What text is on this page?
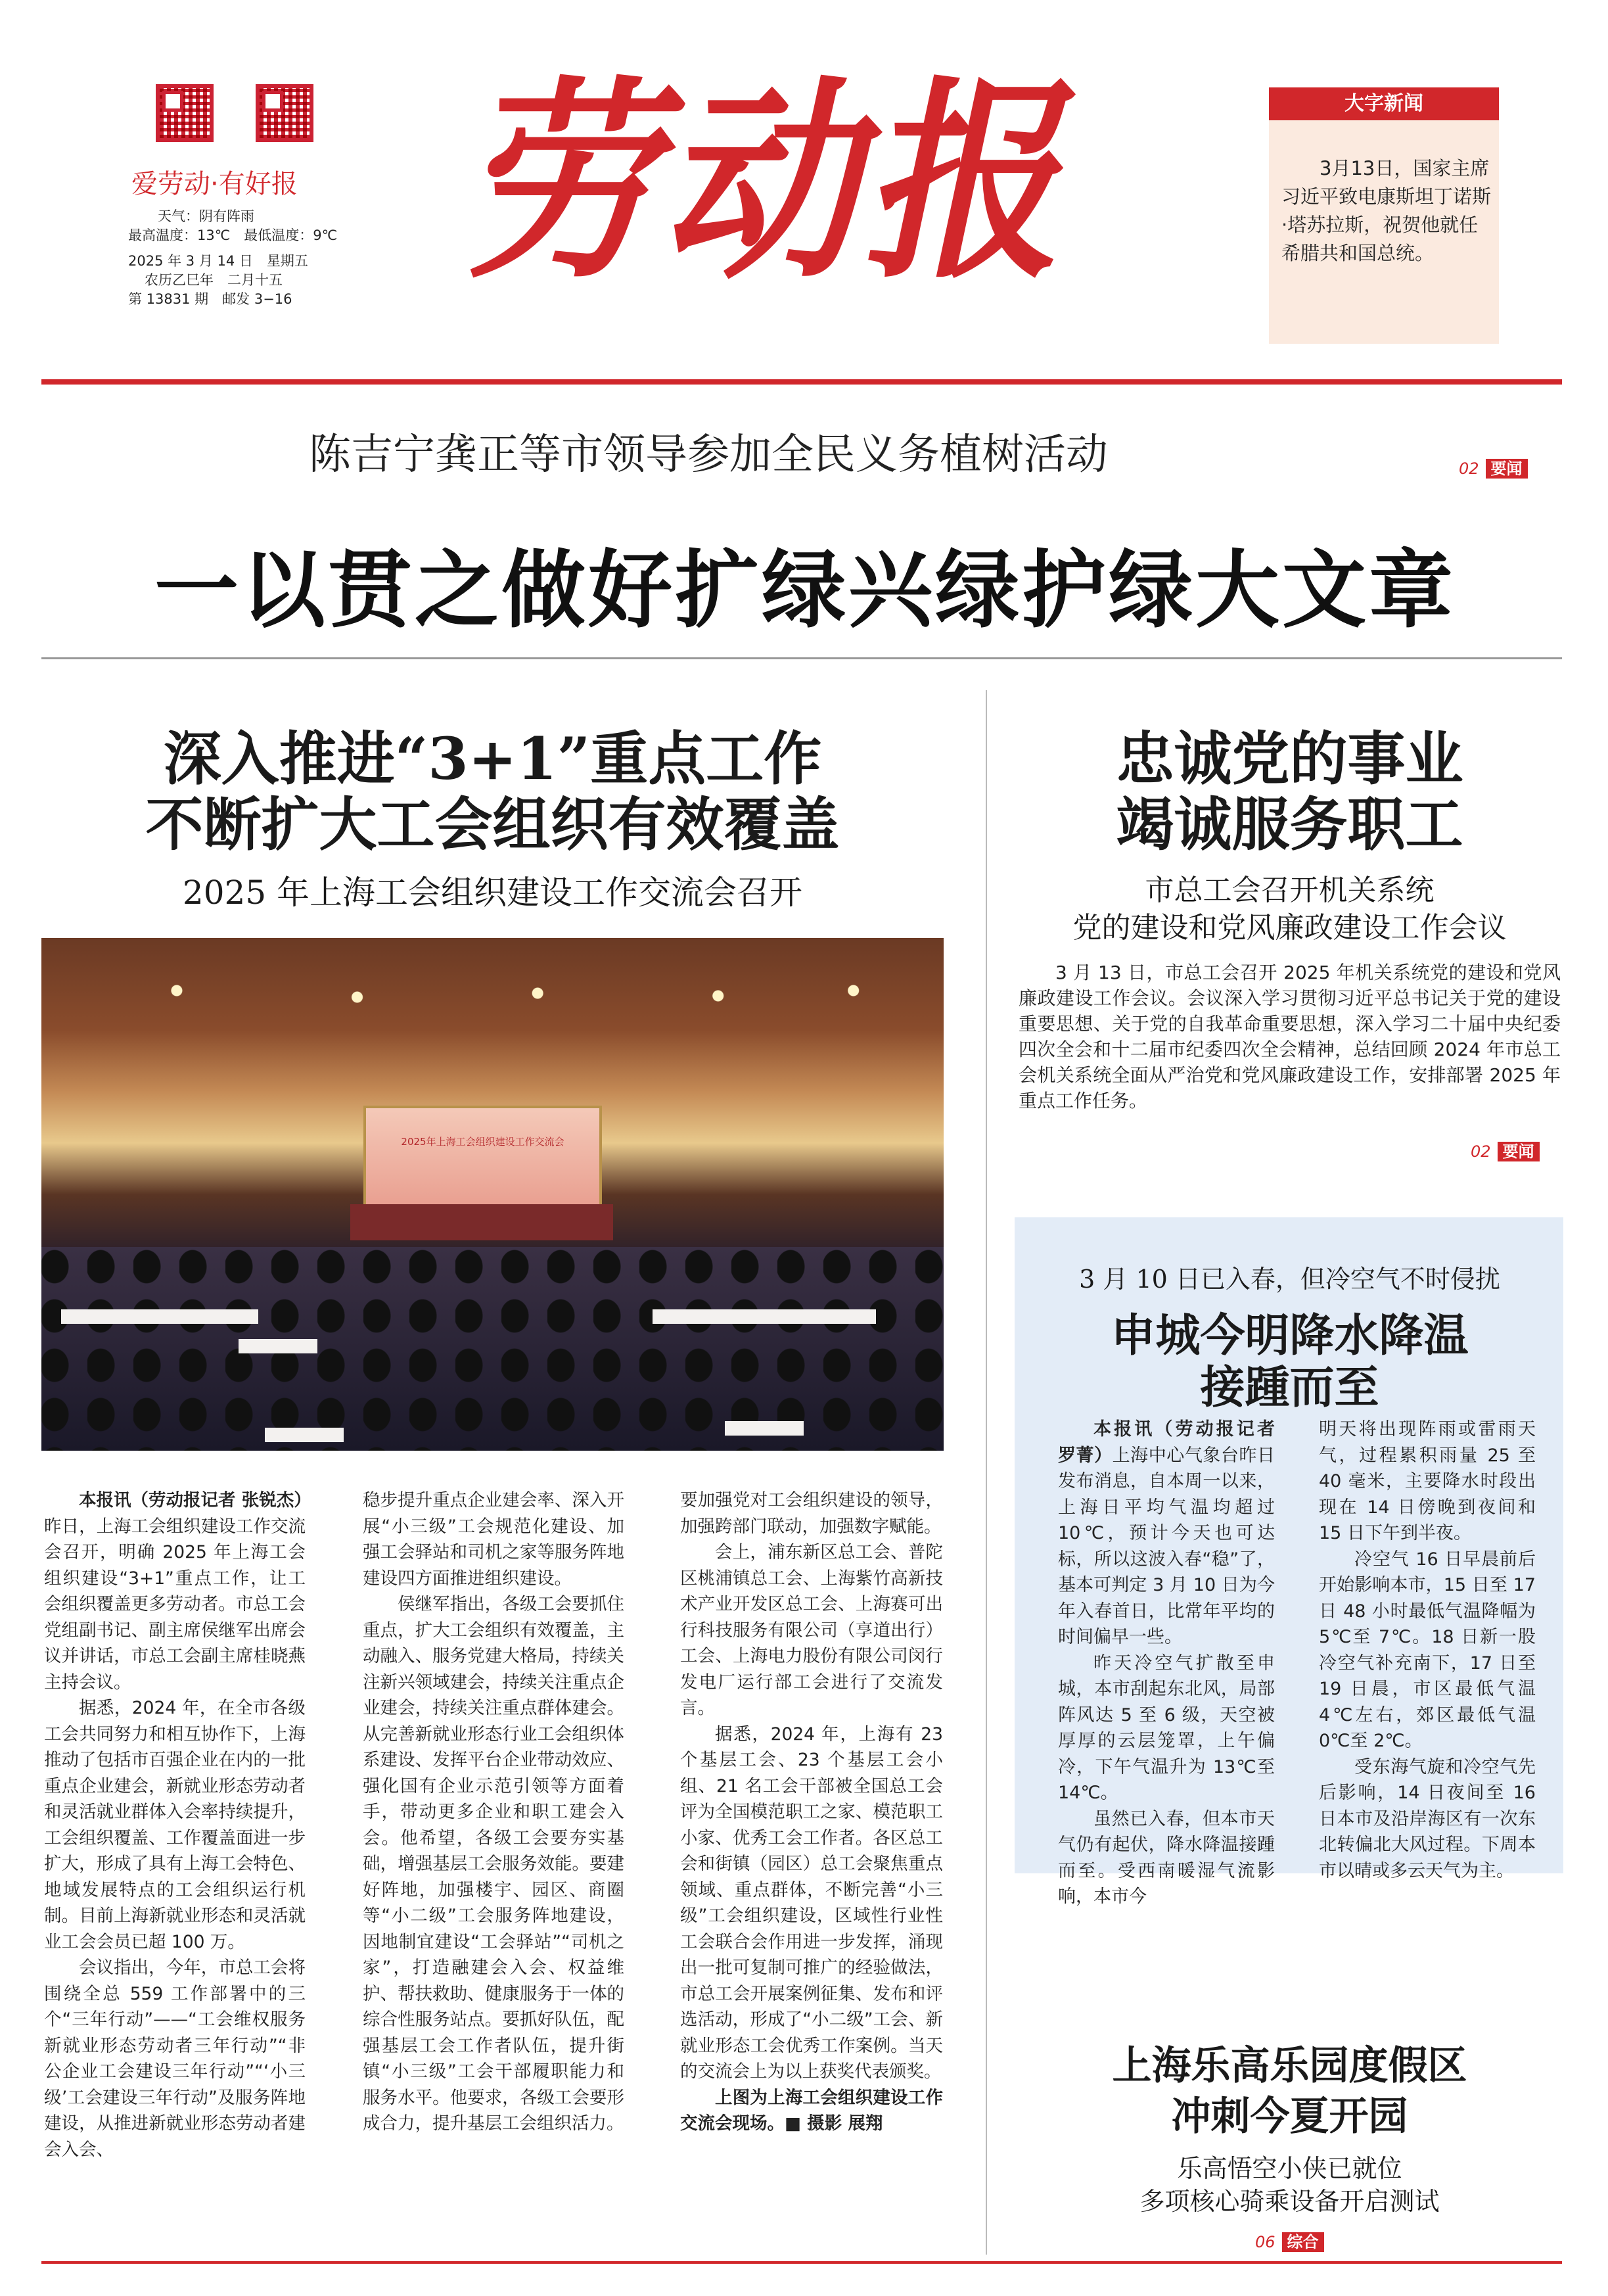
爱劳动·有好报
天气：阴有阵雨
最高温度：13℃　最低温度：9℃
2025 年 3 月 14 日　星期五
农历乙巳年　二月十五
第 13831 期　邮发 3−16 劳动报	大字新闻
3月13日，国家主席习近平致电康斯坦丁诺斯·塔苏拉斯，祝贺他就任希腊共和国总统。
陈吉宁龚正等市领导参加全民义务植树活动	02 要闻
一以贯之做好扩绿兴绿护绿大文章
深入推进“3+1”重点工作
不断扩大工会组织有效覆盖
2025 年上海工会组织建设工作交流会召开
2025年上海工会组织建设工作交流会

本报讯（劳动报记者 张锐杰）昨日，上海工会组织建设工作交流会召开，明确 2025 年上海工会组织建设“3+1”重点工作，让工会组织覆盖更多劳动者。市总工会党组副书记、副主席侯继军出席会议并讲话，市总工会副主席桂晓燕主持会议。

据悉，2024 年，在全市各级工会共同努力和相互协作下，上海推动了包括市百强企业在内的一批重点企业建会，新就业形态劳动者和灵活就业群体入会率持续提升，工会组织覆盖、工作覆盖面进一步扩大，形成了具有上海工会特色、地域发展特点的工会组织运行机制。目前上海新就业形态和灵活就业工会会员已超 100 万。

会议指出，今年，市总工会将围绕全总 559 工作部署中的三个“三年行动”——“工会维权服务新就业形态劳动者三年行动”“非公企业工会建设三年行动”“‘小三级’工会建设三年行动”及服务阵地建设，从推进新就业形态劳动者建会入会、

稳步提升重点企业建会率、深入开展“小三级”工会规范化建设、加强工会驿站和司机之家等服务阵地建设四方面推进组织建设。

侯继军指出，各级工会要抓住重点，扩大工会组织有效覆盖，主动融入、服务党建大格局，持续关注新兴领域建会，持续关注重点企业建会，持续关注重点群体建会。从完善新就业形态行业工会组织体系建设、发挥平台企业带动效应、强化国有企业示范引领等方面着手，带动更多企业和职工建会入会。他希望，各级工会要夯实基础，增强基层工会服务效能。要建好阵地，加强楼宇、园区、商圈等“小二级”工会服务阵地建设，因地制宜建设“工会驿站”“司机之家”，打造融建会入会、权益维护、帮扶救助、健康服务于一体的综合性服务站点。要抓好队伍，配强基层工会工作者队伍，提升街镇“小三级”工会干部履职能力和服务水平。他要求，各级工会要形成合力，提升基层工会组织活力。

要加强党对工会组织建设的领导，加强跨部门联动，加强数字赋能。

会上，浦东新区总工会、普陀区桃浦镇总工会、上海紫竹高新技术产业开发区总工会、上海赛可出行科技服务有限公司（享道出行）工会、上海电力股份有限公司闵行发电厂运行部工会进行了交流发言。

据悉，2024 年，上海有 23 个基层工会、23 个基层工会小组、21 名工会干部被全国总工会评为全国模范职工之家、模范职工小家、优秀工会工作者。各区总工会和街镇（园区）总工会聚焦重点领域、重点群体，不断完善“小三级”工会组织建设，区域性行业性工会联合会作用进一步发挥，涌现出一批可复制可推广的经验做法，市总工会开展案例征集、发布和评选活动，形成了“小二级”工会、新就业形态工会优秀工作案例。当天的交流会上为以上获奖代表颁奖。

上图为上海工会组织建设工作交流会现场。■ 摄影 展翔

忠诚党的事业
竭诚服务职工
市总工会召开机关系统
党的建设和党风廉政建设工作会议

3 月 13 日，市总工会召开 2025 年机关系统党的建设和党风廉政建设工作会议。会议深入学习贯彻习近平总书记关于党的建设重要思想、关于党的自我革命重要思想，深入学习二十届中央纪委四次全会和十二届市纪委四次全会精神，总结回顾 2024 年市总工会机关系统全面从严治党和党风廉政建设工作，安排部署 2025 年重点工作任务。

02 要闻
3 月 10 日已入春，但冷空气不时侵扰
申城今明降水降温
接踵而至

本报讯（劳动报记者 罗菁）上海中心气象台昨日发布消息，自本周一以来，上海日平均气温均超过 10℃，预计今天也可达标，所以这波入春“稳”了，基本可判定 3 月 10 日为今年入春首日，比常年平均的时间偏早一些。

昨天冷空气扩散至申城，本市刮起东北风，局部阵风达 5 至 6 级，天空被厚厚的云层笼罩，上午偏冷，下午气温升为 13℃至 14℃。

虽然已入春，但本市天气仍有起伏，降水降温接踵而至。受西南暖湿气流影响，本市今

明天将出现阵雨或雷雨天气，过程累积雨量 25 至 40 毫米，主要降水时段出现在 14 日傍晚到夜间和 15 日下午到半夜。

冷空气 16 日早晨前后开始影响本市，15 日至 17 日 48 小时最低气温降幅为 5℃至 7℃。18 日新一股冷空气补充南下，17 日至 19 日晨，市区最低气温 4℃左右，郊区最低气温 0℃至 2℃。

受东海气旋和冷空气先后影响，14 日夜间至 16 日本市及沿岸海区有一次东北转偏北大风过程。下周本市以晴或多云天气为主。

上海乐高乐园度假区
冲刺今夏开园
乐高悟空小侠已就位
多项核心骑乘设备开启测试
06 综合
